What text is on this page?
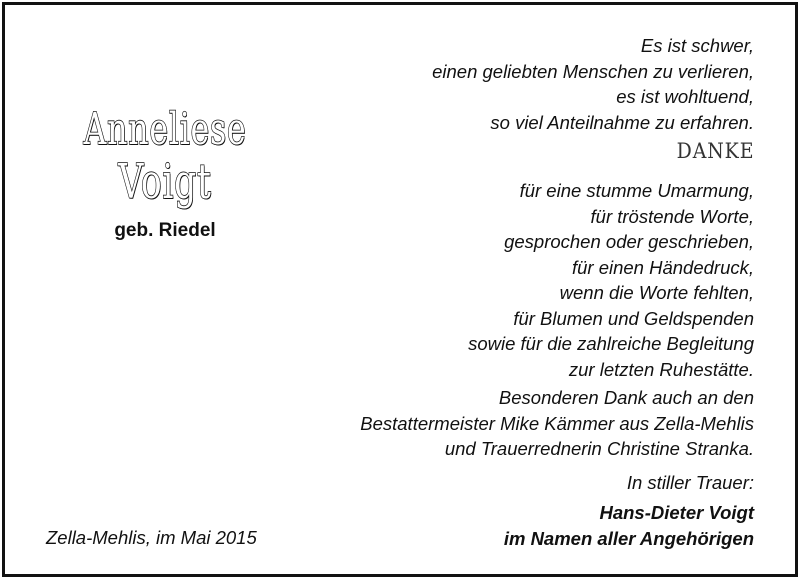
Anneliese
Voigt
geb. Riedel
Es ist schwer,
einen geliebten Menschen zu verlieren,
es ist wohltuend,
so viel Anteilnahme zu erfahren.
DANKE
für eine stumme Umarmung,
für tröstende Worte,
gesprochen oder geschrieben,
für einen Händedruck,
wenn die Worte fehlten,
für Blumen und Geldspenden
sowie für die zahlreiche Begleitung
zur letzten Ruhestätte.
Besonderen Dank auch an den
Bestattermeister Mike Kämmer aus Zella-Mehlis
und Trauerrednerin Christine Stranka.
In stiller Trauer:
Hans-Dieter Voigt
im Namen aller Angehörigen
Zella-Mehlis, im Mai 2015
